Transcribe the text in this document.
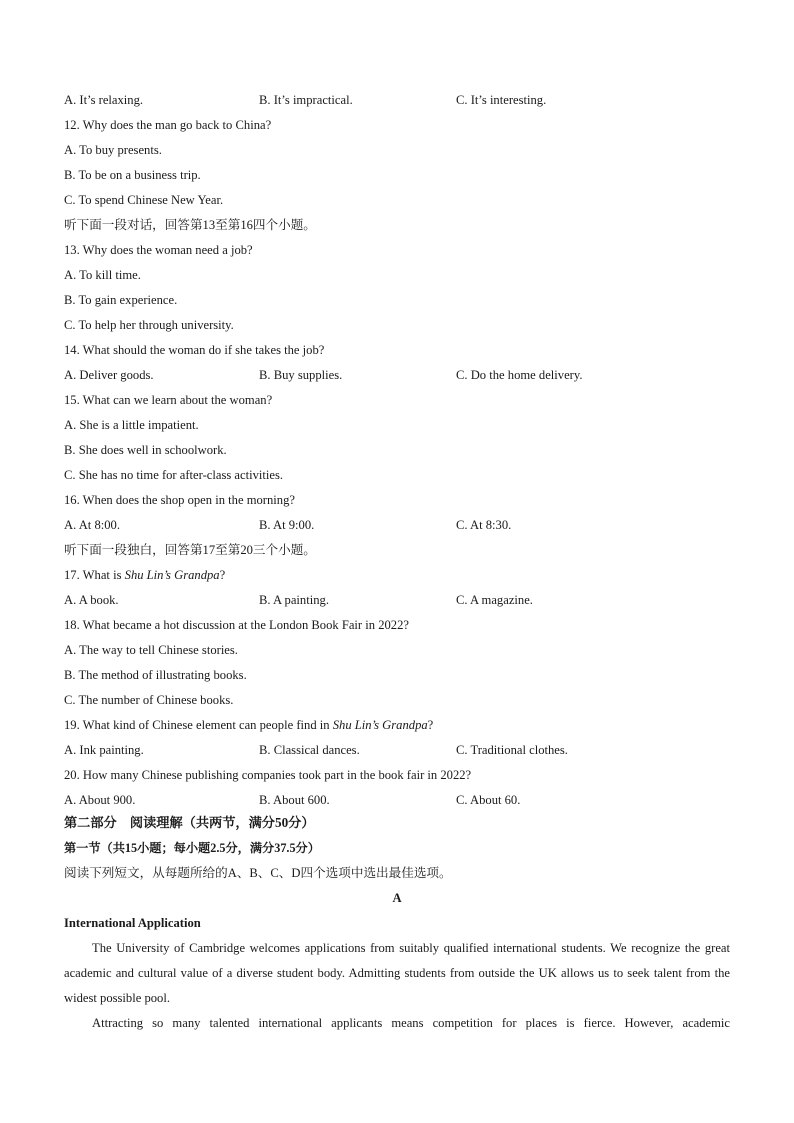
A. It’s relaxing.	B. It’s impractical.	C. It’s interesting.
12. Why does the man go back to China?
A. To buy presents.
B. To be on a business trip.
C. To spend Chinese New Year.
听下面一段对话，回答第13至第16四个小题。
13. Why does the woman need a job?
A. To kill time.
B. To gain experience.
C. To help her through university.
14. What should the woman do if she takes the job?
A. Deliver goods.	B. Buy supplies.	C. Do the home delivery.
15. What can we learn about the woman?
A. She is a little impatient.
B. She does well in schoolwork.
C. She has no time for after-class activities.
16. When does the shop open in the morning?
A. At 8:00.	B. At 9:00.	C. At 8:30.
听下面一段独白，回答第17至第20三个小题。
17. What is Shu Lin’s Grandpa?
A. A book.	B. A painting.	C. A magazine.
18. What became a hot discussion at the London Book Fair in 2022?
A. The way to tell Chinese stories.
B. The method of illustrating books.
C. The number of Chinese books.
19. What kind of Chinese element can people find in Shu Lin’s Grandpa?
A. Ink painting.	B. Classical dances.	C. Traditional clothes.
20. How many Chinese publishing companies took part in the book fair in 2022?
A. About 900.	B. About 600.	C. About 60.
第二部分　阅读理解（共两节，满分50分）
第一节（共15小题；每小题2.5分，满分37.5分）
阅读下列短文，从每题所给的A、B、C、D四个选项中选出最佳选项。
A
International Application
The University of Cambridge welcomes applications from suitably qualified international students. We recognize the great academic and cultural value of a diverse student body. Admitting students from outside the UK allows us to seek talent from the widest possible pool.
Attracting so many talented international applicants means competition for places is fierce. However, academic
